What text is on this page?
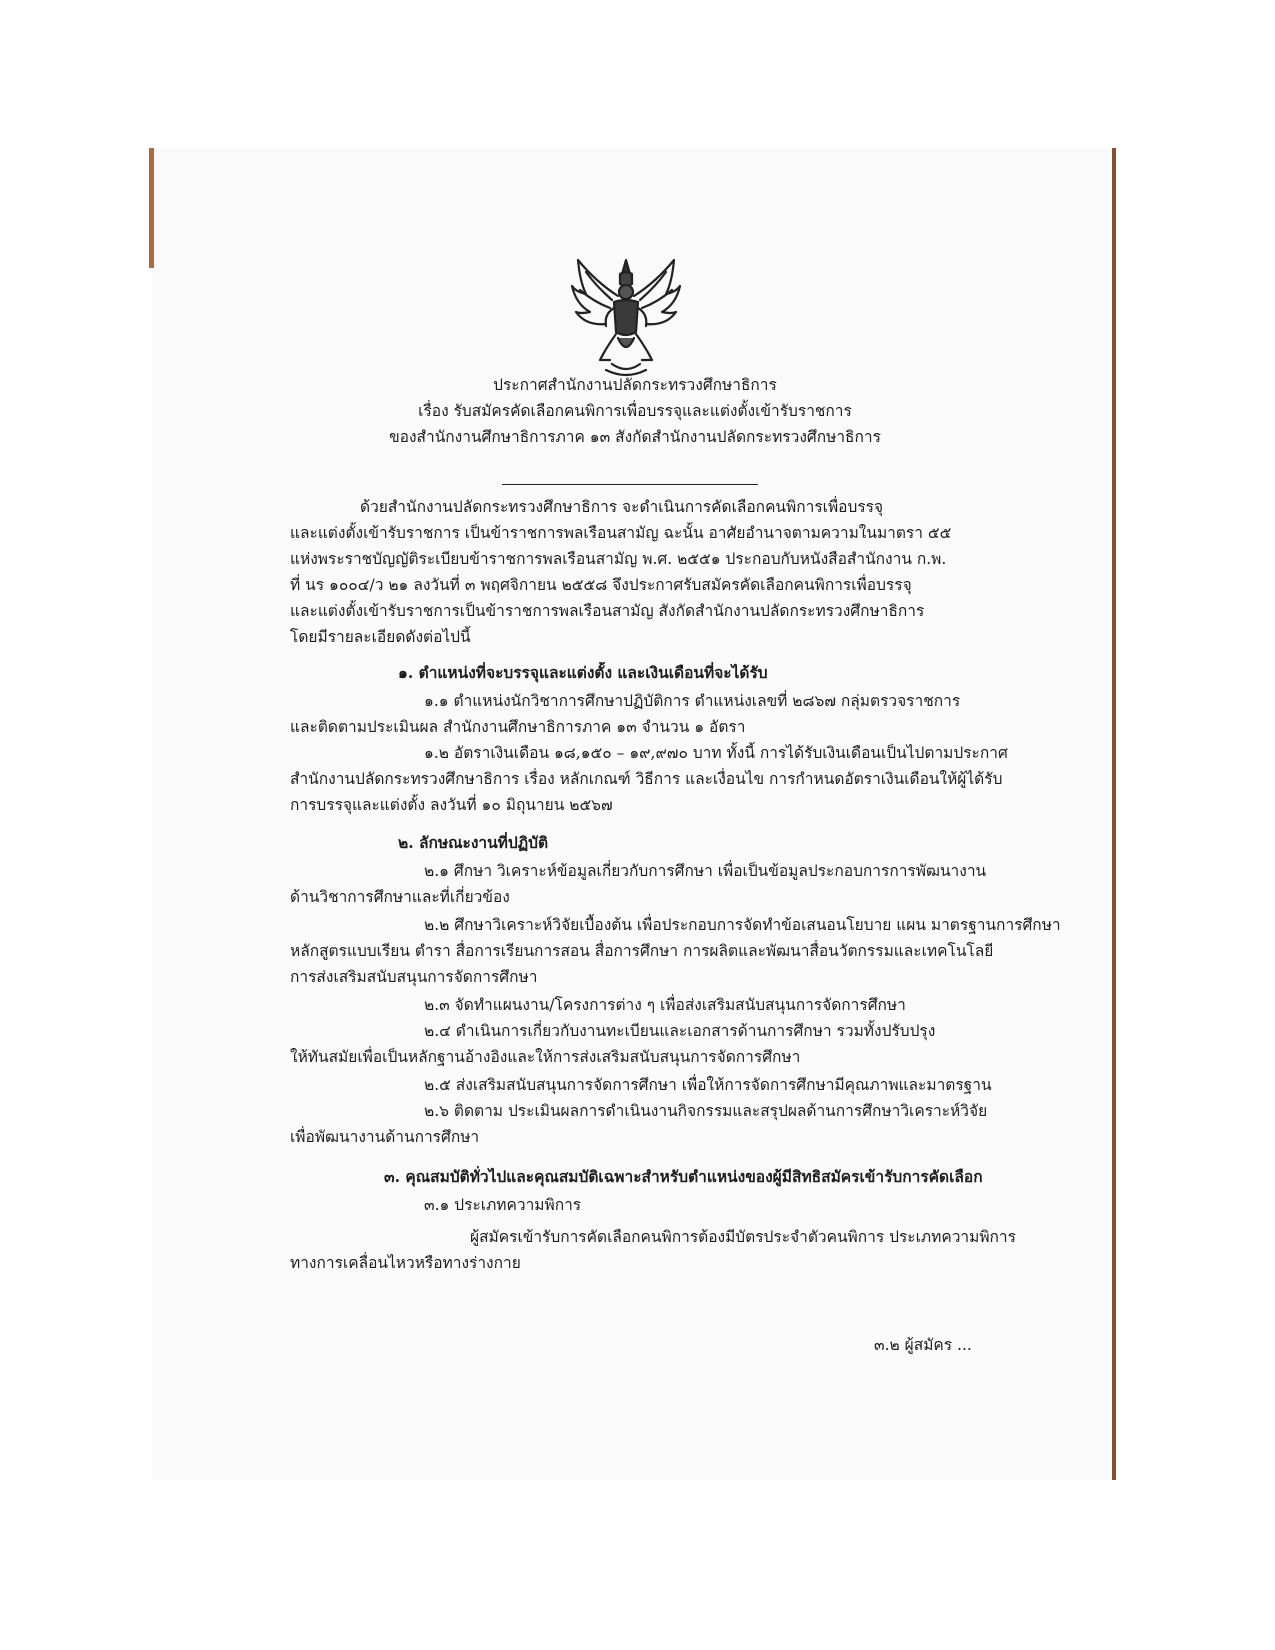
ประกาศสำนักงานปลัดกระทรวงศึกษาธิการ
เรื่อง รับสมัครคัดเลือกคนพิการเพื่อบรรจุและแต่งตั้งเข้ารับราชการ
ของสำนักงานศึกษาธิการภาค ๑๓ สังกัดสำนักงานปลัดกระทรวงศึกษาธิการ
ด้วยสำนักงานปลัดกระทรวงศึกษาธิการ จะดำเนินการคัดเลือกคนพิการเพื่อบรรจุ
และแต่งตั้งเข้ารับราชการ เป็นข้าราชการพลเรือนสามัญ ฉะนั้น อาศัยอำนาจตามความในมาตรา ๕๕
แห่งพระราชบัญญัติระเบียบข้าราชการพลเรือนสามัญ พ.ศ. ๒๕๕๑ ประกอบกับหนังสือสำนักงาน ก.พ.
ที่ นร ๑๐๐๔/ว ๒๑ ลงวันที่ ๓ พฤศจิกายน ๒๕๕๘ จึงประกาศรับสมัครคัดเลือกคนพิการเพื่อบรรจุ
และแต่งตั้งเข้ารับราชการเป็นข้าราชการพลเรือนสามัญ สังกัดสำนักงานปลัดกระทรวงศึกษาธิการ
โดยมีรายละเอียดดังต่อไปนี้
๑. ตำแหน่งที่จะบรรจุและแต่งตั้ง และเงินเดือนที่จะได้รับ
๑.๑ ตำแหน่งนักวิชาการศึกษาปฏิบัติการ ตำแหน่งเลขที่ ๒๘๖๗ กลุ่มตรวจราชการ
และติดตามประเมินผล สำนักงานศึกษาธิการภาค ๑๓ จำนวน ๑ อัตรา
๑.๒ อัตราเงินเดือน ๑๘,๑๕๐ – ๑๙,๙๗๐ บาท ทั้งนี้ การได้รับเงินเดือนเป็นไปตามประกาศ
สำนักงานปลัดกระทรวงศึกษาธิการ เรื่อง หลักเกณฑ์ วิธีการ และเงื่อนไข การกำหนดอัตราเงินเดือนให้ผู้ได้รับ
การบรรจุและแต่งตั้ง ลงวันที่ ๑๐ มิถุนายน ๒๕๖๗
๒. ลักษณะงานที่ปฏิบัติ
๒.๑ ศึกษา วิเคราะห์ข้อมูลเกี่ยวกับการศึกษา เพื่อเป็นข้อมูลประกอบการการพัฒนางาน
ด้านวิชาการศึกษาและที่เกี่ยวข้อง
๒.๒ ศึกษาวิเคราะห์วิจัยเบื้องต้น เพื่อประกอบการจัดทำข้อเสนอนโยบาย แผน มาตรฐานการศึกษา
หลักสูตรแบบเรียน ตำรา สื่อการเรียนการสอน สื่อการศึกษา การผลิตและพัฒนาสื่อนวัตกรรมและเทคโนโลยี
การส่งเสริมสนับสนุนการจัดการศึกษา
๒.๓ จัดทำแผนงาน/โครงการต่าง ๆ เพื่อส่งเสริมสนับสนุนการจัดการศึกษา
๒.๔ ดำเนินการเกี่ยวกับงานทะเบียนและเอกสารด้านการศึกษา รวมทั้งปรับปรุง
ให้ทันสมัยเพื่อเป็นหลักฐานอ้างอิงและให้การส่งเสริมสนับสนุนการจัดการศึกษา
๒.๕ ส่งเสริมสนับสนุนการจัดการศึกษา เพื่อให้การจัดการศึกษามีคุณภาพและมาตรฐาน
๒.๖ ติดตาม ประเมินผลการดำเนินงานกิจกรรมและสรุปผลด้านการศึกษาวิเคราะห์วิจัย
เพื่อพัฒนางานด้านการศึกษา
๓. คุณสมบัติทั่วไปและคุณสมบัติเฉพาะสำหรับตำแหน่งของผู้มีสิทธิสมัครเข้ารับการคัดเลือก
๓.๑ ประเภทความพิการ
ผู้สมัครเข้ารับการคัดเลือกคนพิการต้องมีบัตรประจำตัวคนพิการ ประเภทความพิการ
ทางการเคลื่อนไหวหรือทางร่างกาย
๓.๒ ผู้สมัคร ...
